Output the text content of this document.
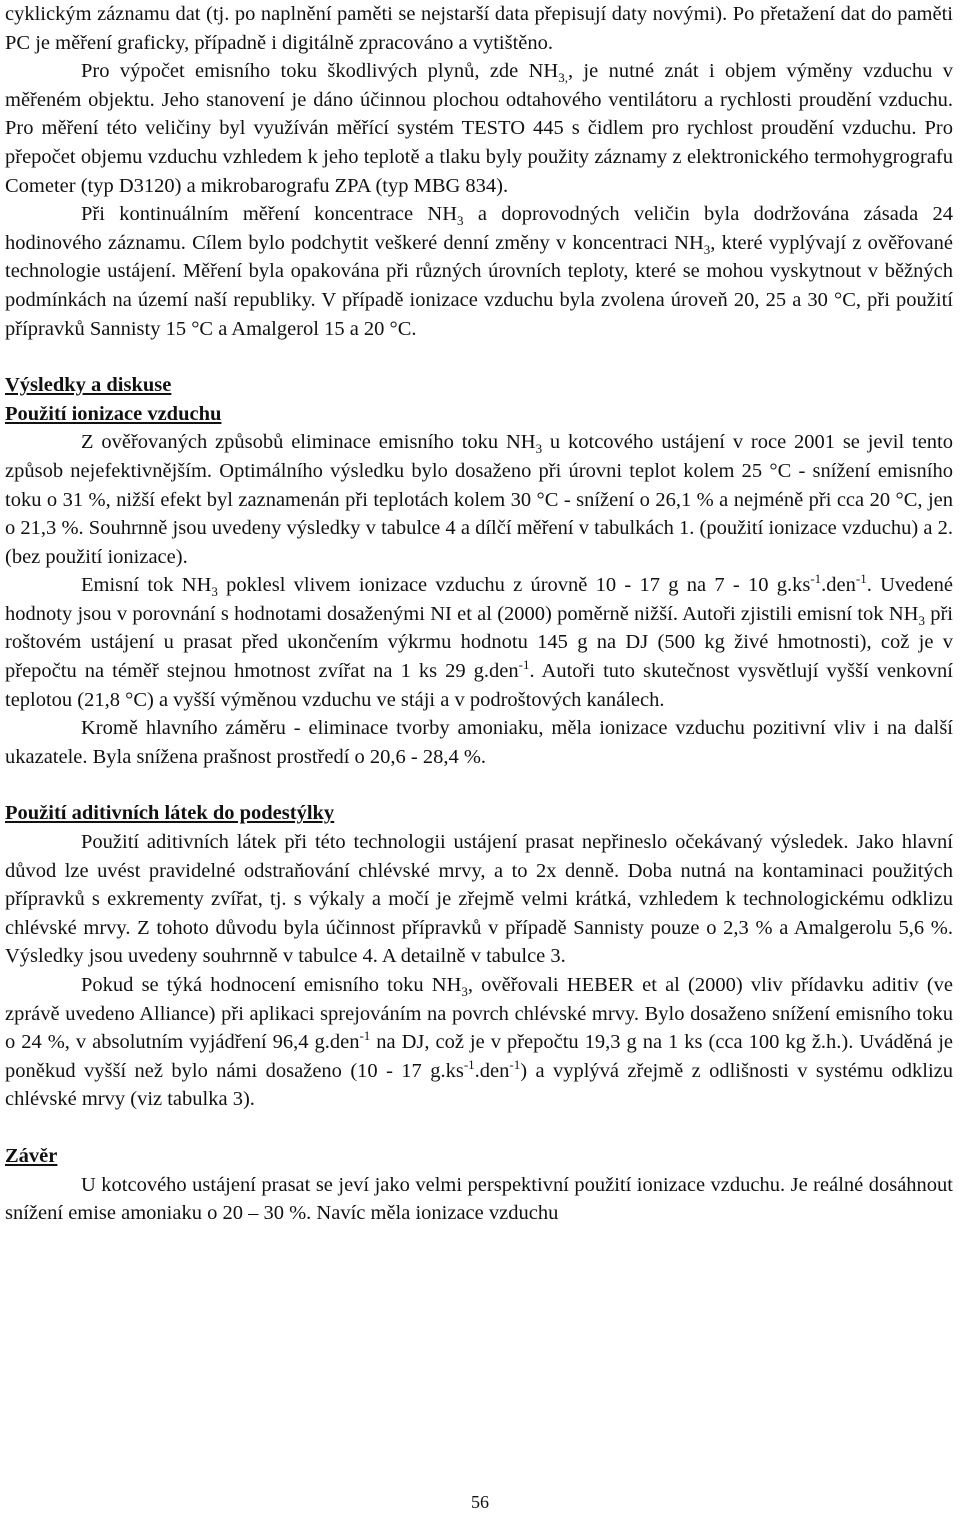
cyklickým záznamu dat (tj. po naplnění paměti se nejstarší data přepisují daty novými). Po přetažení dat do paměti PC je měření graficky, případně i digitálně zpracováno a vytištěno.

Pro výpočet emisního toku škodlivých plynů, zde $NH_{3,}$, je nutné znát i objem výměny vzduchu v měřeném objektu. Jeho stanovení je dáno účinnou plochou odtahového ventilátoru a rychlosti proudění vzduchu. Pro měření této veličiny byl využíván měřící systém TESTO 445 s čidlem pro rychlost proudění vzduchu. Pro přepočet objemu vzduchu vzhledem k jeho teplotě a tlaku byly použity záznamy z elektronického termohygrografu Cometer (typ D3120) a mikrobarografu ZPA (typ MBG 834).

Při kontinuálním měření koncentrace $NH_3$ a doprovodných veličin byla dodržována zásada 24 hodinového záznamu. Cílem bylo podchytit veškeré denní změny v koncentraci $NH_3$, které vyplývají z ověřované technologie ustájení. Měření byla opakována při různých úrovních teploty, které se mohou vyskytnout v běžných podmínkách na území naší republiky. V případě ionizace vzduchu byla zvolena úroveň 20, 25 a 30 °C, při použití přípravků Sannisty 15 °C a Amalgerol 15 a 20 °C.

Výsledky a diskuse
Použití ionizace vzduchu

Z ověřovaných způsobů eliminace emisního toku $NH_3$ u kotcového ustájení v roce 2001 se jevil tento způsob nejefektivnějším. Optimálního výsledku bylo dosaženo při úrovni teplot kolem 25 °C - snížení emisního toku o 31 %, nižší efekt byl zaznamenán při teplotách kolem 30 °C - snížení o 26,1 % a nejméně při cca 20 °C, jen o 21,3 %. Souhrnně jsou uvedeny výsledky v tabulce 4 a dílčí měření v tabulkách 1. (použití ionizace vzduchu) a 2.(bez použití ionizace).

Emisní tok $NH_3$ poklesl vlivem ionizace vzduchu z úrovně 10 - 17 g na 7 - 10 $g.ks^{-1}.den^{-1}$. Uvedené hodnoty jsou v porovnání s hodnotami dosaženými NI et al (2000) poměrně nižší. Autoři zjistili emisní tok $NH_3$ při roštovém ustájení u prasat před ukončením výkrmu hodnotu 145 g na DJ (500 kg živé hmotnosti), což je v přepočtu na téměř stejnou hmotnost zvířat na 1 ks 29 g.den$^{-1}$. Autoři tuto skutečnost vysvětlují vyšší venkovní teplotou (21,8 °C) a vyšší výměnou vzduchu ve stáji a v podroštových kanálech.

Kromě hlavního záměru - eliminace tvorby amoniaku, měla ionizace vzduchu pozitivní vliv i na další ukazatele. Byla snížena prašnost prostředí o 20,6 - 28,4 %.

Použití aditivních látek do podestýlky

Použití aditivních látek při této technologii ustájení prasat nepřineslo očekávaný výsledek. Jako hlavní důvod lze uvést pravidelné odstraňování chlévské mrvy, a to 2x denně. Doba nutná na kontaminaci použitých přípravků s exkrementy zvířat, tj. s výkaly a močí je zřejmě velmi krátká, vzhledem k technologickému odklizu chlévské mrvy. Z tohoto důvodu byla účinnost přípravků v případě Sannisty pouze o 2,3 % a Amalgerolu 5,6 %. Výsledky jsou uvedeny souhrnně v tabulce 4. A detailně v tabulce 3.

Pokud se týká hodnocení emisního toku $NH_3$, ověřovali HEBER et al (2000) vliv přídavku aditiv (ve zprávě uvedeno Alliance) při aplikaci sprejováním na povrch chlévské mrvy. Bylo dosaženo snížení emisního toku o 24 %, v absolutním vyjádření 96,4 g.den$^{-1}$ na DJ, což je v přepočtu 19,3 g na 1 ks (cca 100 kg ž.h.). Uváděná je poněkud vyšší než bylo námi dosaženo (10 - 17 $g.ks^{-1}.den^{-1}$) a vyplývá zřejmě z odlišnosti v systému odklizu chlévské mrvy (viz tabulka 3).

Závěr

U kotcového ustájení prasat se jeví jako velmi perspektivní použití ionizace vzduchu. Je reálné dosáhnout snížení emise amoniaku o 20 – 30 %. Navíc měla ionizace vzduchu

56
